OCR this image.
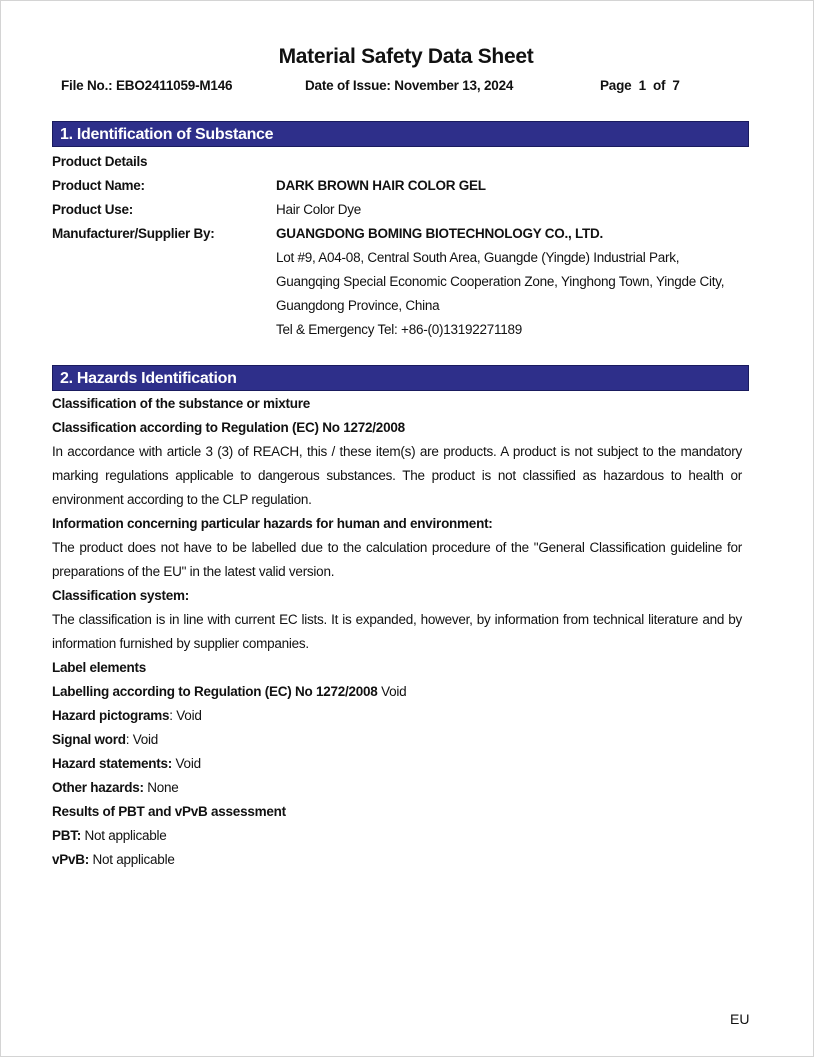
Material Safety Data Sheet
File No.: EBO2411059-M146	Date of Issue: November 13, 2024	Page  1  of  7
1. Identification of Substance
Product Details
Product Name:	DARK BROWN HAIR COLOR GEL
Product Use:	Hair Color Dye
Manufacturer/Supplier By:	GUANGDONG BOMING BIOTECHNOLOGY CO., LTD.
Lot #9, A04-08, Central South Area, Guangde (Yingde) Industrial Park,
Guangqing Special Economic Cooperation Zone, Yinghong Town, Yingde City,
Guangdong Province, China
Tel & Emergency Tel: +86-(0)13192271189
2. Hazards Identification
Classification of the substance or mixture
Classification according to Regulation (EC) No 1272/2008
In accordance with article 3 (3) of REACH, this / these item(s) are products. A product is not subject to the mandatory marking regulations applicable to dangerous substances. The product is not classified as hazardous to health or environment according to the CLP regulation.
Information concerning particular hazards for human and environment:
The product does not have to be labelled due to the calculation procedure of the "General Classification guideline for preparations of the EU" in the latest valid version.
Classification system:
The classification is in line with current EC lists. It is expanded, however, by information from technical literature and by information furnished by supplier companies.
Label elements
Labelling according to Regulation (EC) No 1272/2008 Void
Hazard pictograms: Void
Signal word: Void
Hazard statements: Void
Other hazards: None
Results of PBT and vPvB assessment
PBT: Not applicable
vPvB: Not applicable
EU
